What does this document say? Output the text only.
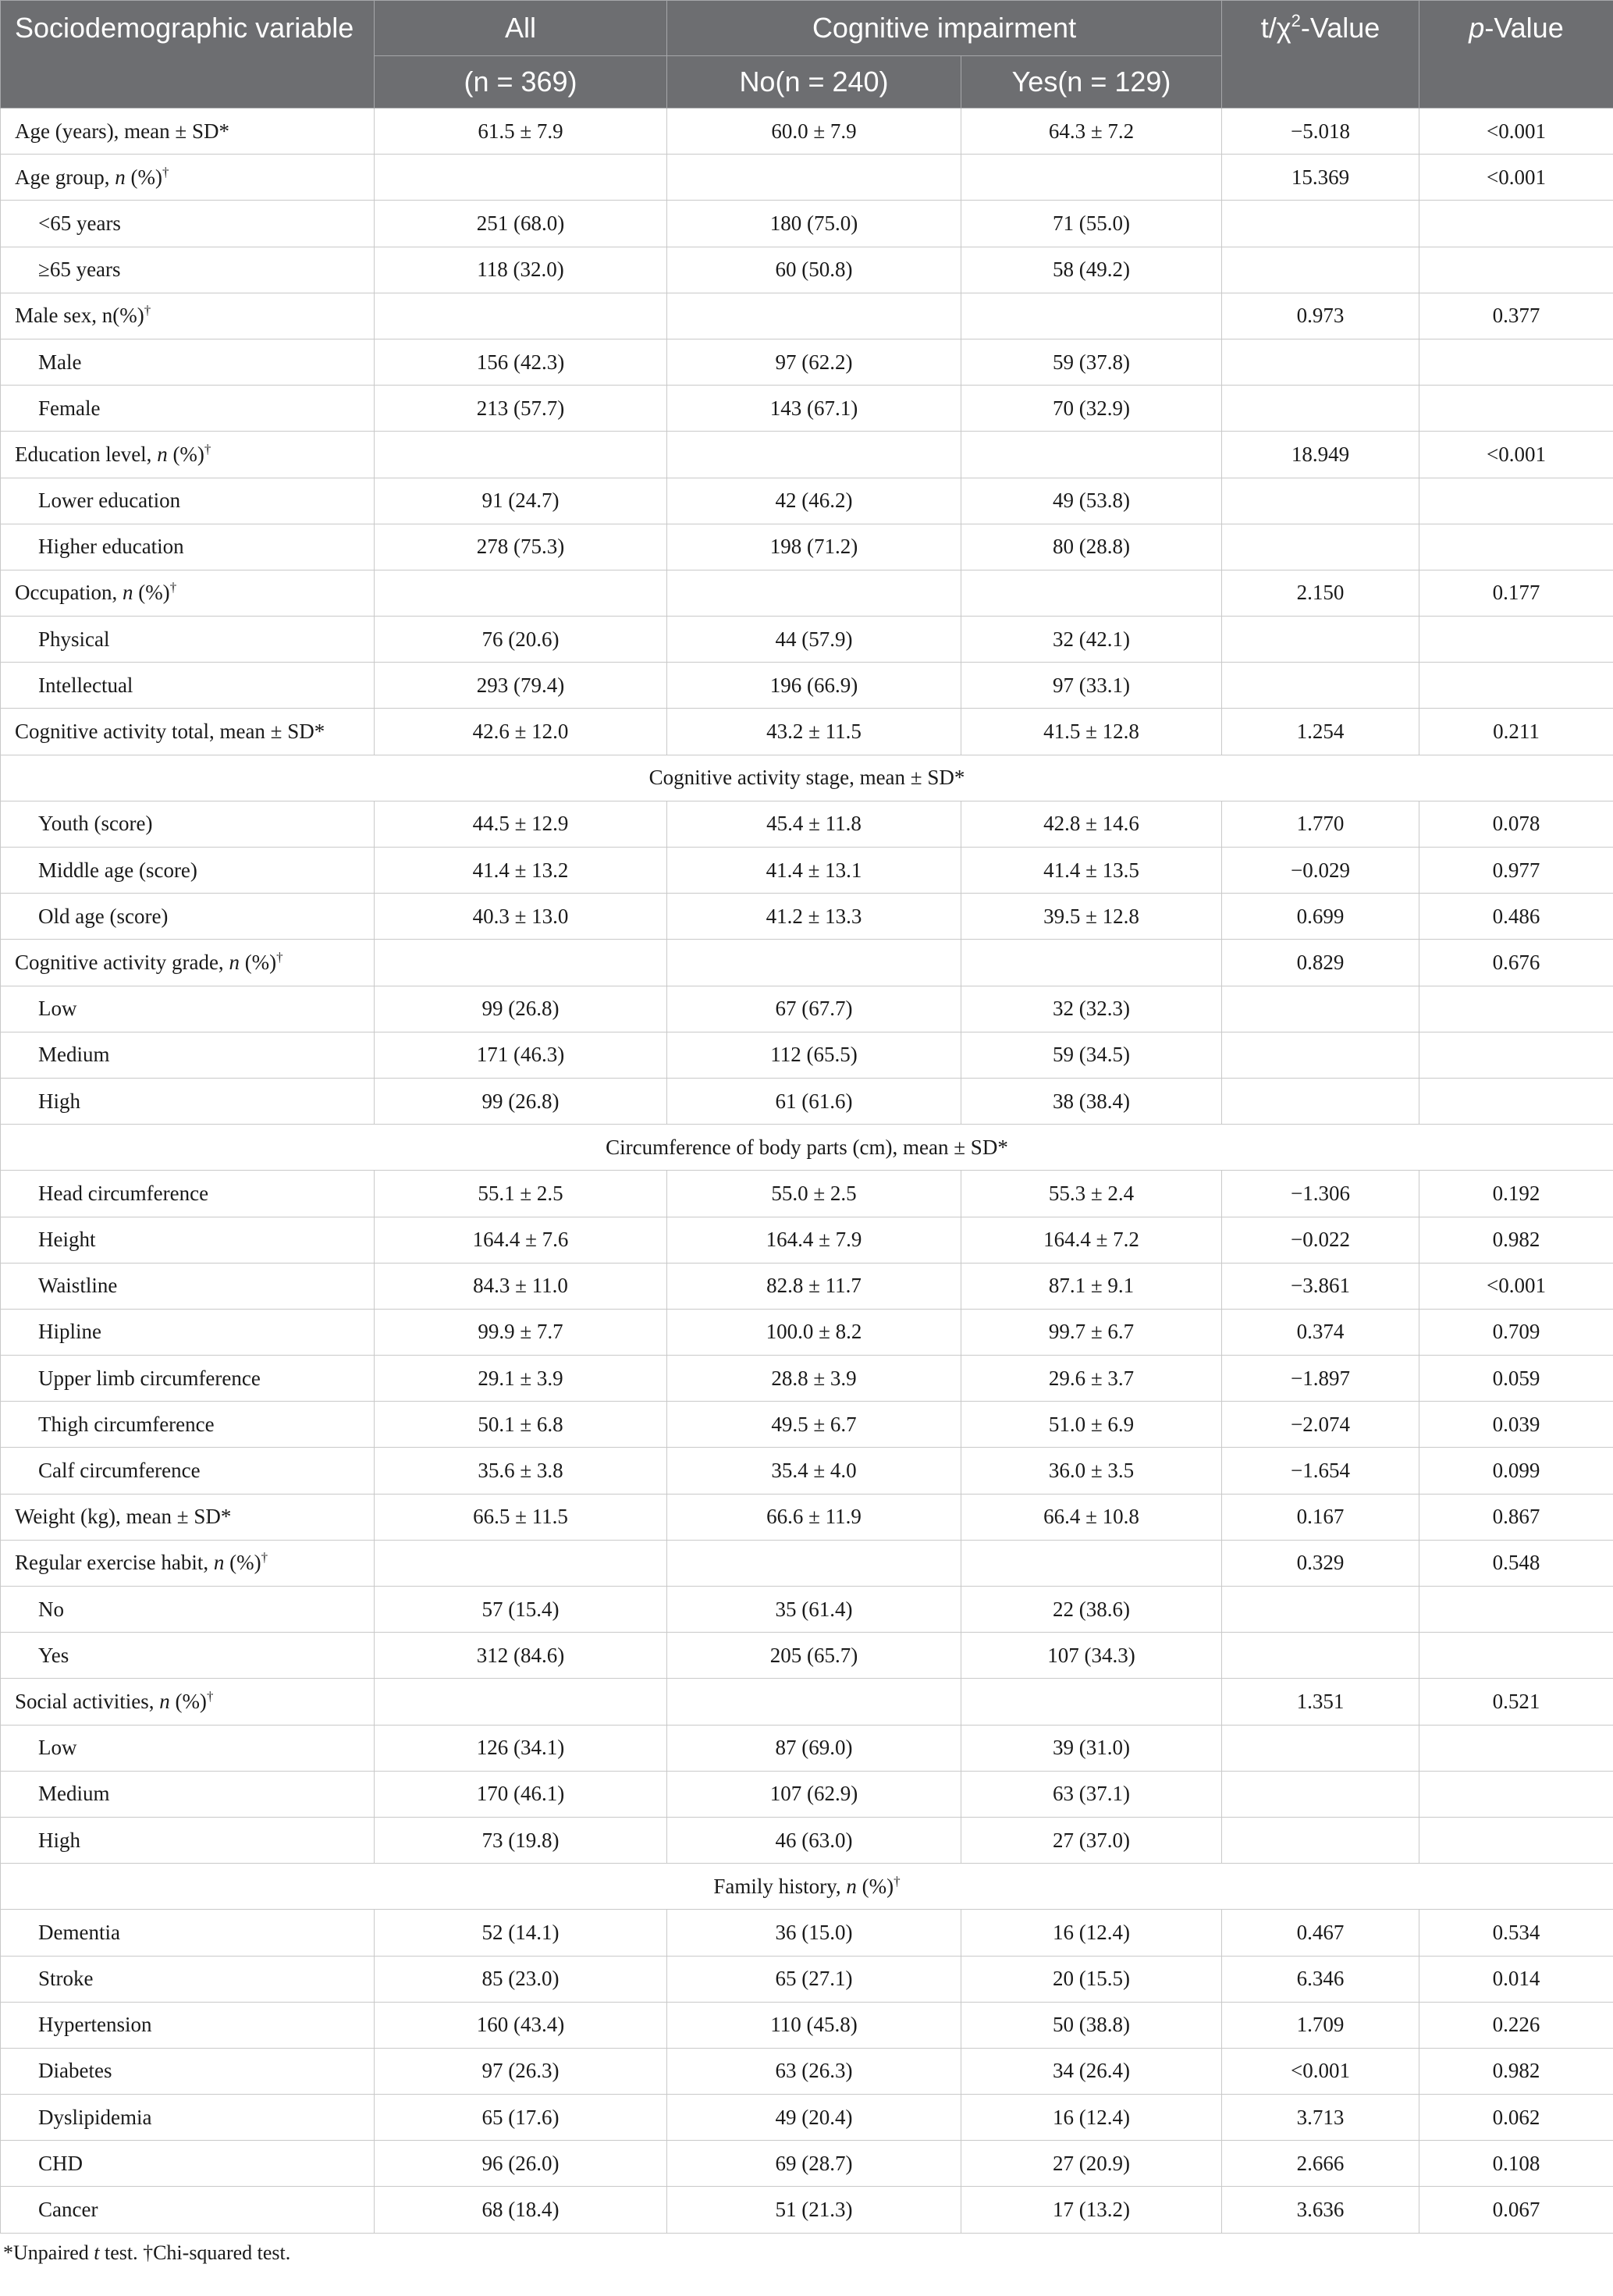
Sociodemographic variable	All	Cognitive impairment		$t/\chi^2$-Value	p-Value
	(n = 369)	No(n = 240)	Yes(n = 129)		
Age (years), mean ± SD*	61.5 ± 7.9	60.0 ± 7.9	64.3 ± 7.2	−5.018	<0.001
Age group, n (%)†				15.369	<0.001
<65 years	251 (68.0)	180 (75.0)	71 (55.0)		
≥65 years	118 (32.0)	60 (50.8)	58 (49.2)		
Male sex, n(%)†				0.973	0.377
Male	156 (42.3)	97 (62.2)	59 (37.8)		
Female	213 (57.7)	143 (67.1)	70 (32.9)		
Education level, n (%)†				18.949	<0.001
Lower education	91 (24.7)	42 (46.2)	49 (53.8)		
Higher education	278 (75.3)	198 (71.2)	80 (28.8)		
Occupation, n (%)†				2.150	0.177
Physical	76 (20.6)	44 (57.9)	32 (42.1)		
Intellectual	293 (79.4)	196 (66.9)	97 (33.1)		
Cognitive activity total, mean ± SD*	42.6 ± 12.0	43.2 ± 11.5	41.5 ± 12.8	1.254	0.211
Cognitive activity stage, mean ± SD*					
Youth (score)	44.5 ± 12.9	45.4 ± 11.8	42.8 ± 14.6	1.770	0.078
Middle age (score)	41.4 ± 13.2	41.4 ± 13.1	41.4 ± 13.5	−0.029	0.977
Old age (score)	40.3 ± 13.0	41.2 ± 13.3	39.5 ± 12.8	0.699	0.486
Cognitive activity grade, n (%)†				0.829	0.676
Low	99 (26.8)	67 (67.7)	32 (32.3)		
Medium	171 (46.3)	112 (65.5)	59 (34.5)		
High	99 (26.8)	61 (61.6)	38 (38.4)		
Circumference of body parts (cm), mean ± SD*					
Head circumference	55.1 ± 2.5	55.0 ± 2.5	55.3 ± 2.4	−1.306	0.192
Height	164.4 ± 7.6	164.4 ± 7.9	164.4 ± 7.2	−0.022	0.982
Waistline	84.3 ± 11.0	82.8 ± 11.7	87.1 ± 9.1	−3.861	<0.001
Hipline	99.9 ± 7.7	100.0 ± 8.2	99.7 ± 6.7	0.374	0.709
Upper limb circumference	29.1 ± 3.9	28.8 ± 3.9	29.6 ± 3.7	−1.897	0.059
Thigh circumference	50.1 ± 6.8	49.5 ± 6.7	51.0 ± 6.9	−2.074	0.039
Calf circumference	35.6 ± 3.8	35.4 ± 4.0	36.0 ± 3.5	−1.654	0.099
Weight (kg), mean ± SD*	66.5 ± 11.5	66.6 ± 11.9	66.4 ± 10.8	0.167	0.867
Regular exercise habit, n (%)†				0.329	0.548
No	57 (15.4)	35 (61.4)	22 (38.6)		
Yes	312 (84.6)	205 (65.7)	107 (34.3)		
Social activities, n (%)†				1.351	0.521
Low	126 (34.1)	87 (69.0)	39 (31.0)		
Medium	170 (46.1)	107 (62.9)	63 (37.1)		
High	73 (19.8)	46 (63.0)	27 (37.0)		
Family history, n (%)†
Dementia	52 (14.1)	36 (15.0)	16 (12.4)	0.467	0.534
Stroke	85 (23.0)	65 (27.1)	20 (15.5)	6.346	0.014
Hypertension	160 (43.4)	110 (45.8)	50 (38.8)	1.709	0.226
Diabetes	97 (26.3)	63 (26.3)	34 (26.4)	<0.001	0.982
Dyslipidemia	65 (17.6)	49 (20.4)	16 (12.4)	3.713	0.062
CHD	96 (26.0)	69 (28.7)	27 (20.9)	2.666	0.108
Cancer	68 (18.4)	51 (21.3)	17 (13.2)	3.636	0.067
*Unpaired t test. †Chi-squared test.
